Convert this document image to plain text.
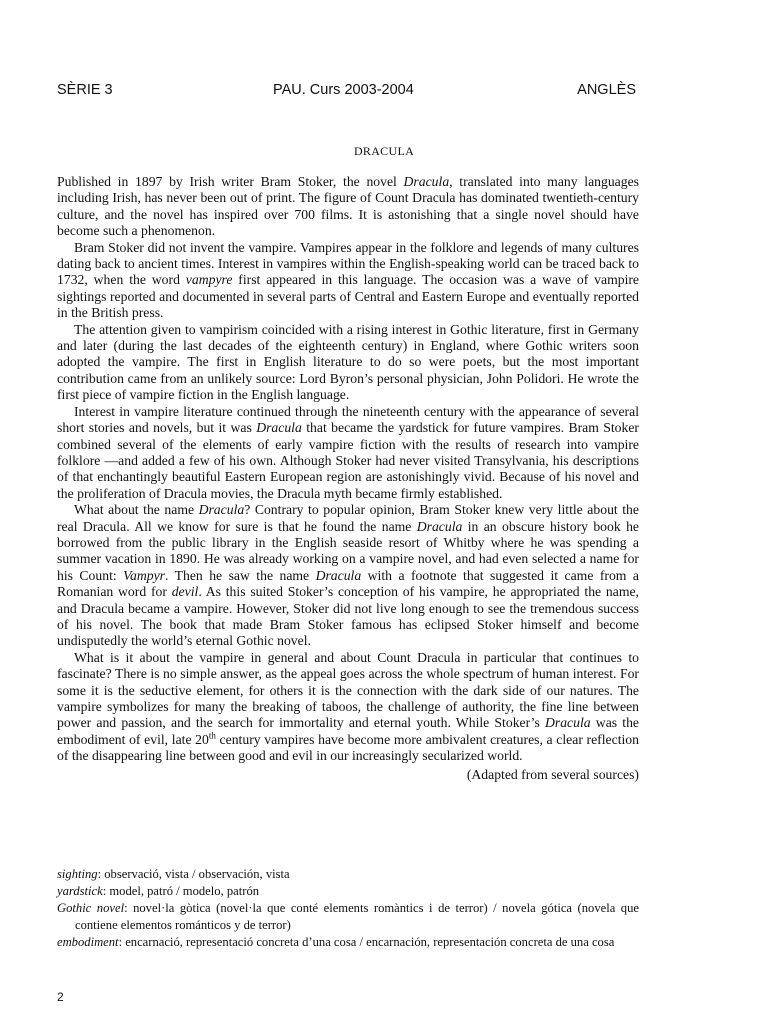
SÈRIE 3	PAU. Curs 2003-2004	ANGLÈS
DRACULA

Published in 1897 by Irish writer Bram Stoker, the novel Dracula, translated into many languages including Irish, has never been out of print. The figure of Count Dracula has dominated twentieth-century culture, and the novel has inspired over 700 films. It is astonishing that a single novel should have become such a phenomenon.

Bram Stoker did not invent the vampire. Vampires appear in the folklore and legends of many cultures dating back to ancient times. Interest in vampires within the English-speaking world can be traced back to 1732, when the word vampyre first appeared in this language. The occasion was a wave of vampire sightings reported and documented in several parts of Central and Eastern Europe and eventually reported in the British press.

The attention given to vampirism coincided with a rising interest in Gothic literature, first in Germany and later (during the last decades of the eighteenth century) in England, where Gothic writers soon adopted the vampire. The first in English literature to do so were poets, but the most important contribution came from an unlikely source: Lord Byron’s personal physician, John Polidori. He wrote the first piece of vampire fiction in the English language.

Interest in vampire literature continued through the nineteenth century with the appearance of several short stories and novels, but it was Dracula that became the yardstick for future vampires. Bram Stoker combined several of the elements of early vampire fiction with the results of research into vampire folklore —and added a few of his own. Although Stoker had never visited Transylvania, his descriptions of that enchantingly beautiful Eastern European region are astonishingly vivid. Because of his novel and the proliferation of Dracula movies, the Dracula myth became firmly established.

What about the name Dracula? Contrary to popular opinion, Bram Stoker knew very little about the real Dracula. All we know for sure is that he found the name Dracula in an obscure history book he borrowed from the public library in the English seaside resort of Whitby where he was spending a summer vacation in 1890. He was already working on a vampire novel, and had even selected a name for his Count: Vampyr. Then he saw the name Dracula with a footnote that suggested it came from a Romanian word for devil. As this suited Stoker’s conception of his vampire, he appropriated the name, and Dracula became a vampire. However, Stoker did not live long enough to see the tremendous success of his novel. The book that made Bram Stoker famous has eclipsed Stoker himself and become undisputedly the world’s eternal Gothic novel.

What is it about the vampire in general and about Count Dracula in particular that continues to fascinate? There is no simple answer, as the appeal goes across the whole spectrum of human interest. For some it is the seductive element, for others it is the connection with the dark side of our natures. The vampire symbolizes for many the breaking of taboos, the challenge of authority, the fine line between power and passion, and the search for immortality and eternal youth. While Stoker’s Dracula was the embodiment of evil, late 20th century vampires have become more ambivalent creatures, a clear reflection of the disappearing line between good and evil in our increasingly secularized world.

(Adapted from several sources)

sighting: observació, vista / observación, vista

yardstick: model, patró / modelo, patrón

Gothic novel: novel·la gòtica (novel·la que conté elements romàntics i de terror) / novela gótica (novela que contiene elementos románticos y de terror)

embodiment: encarnació, representació concreta d’una cosa / encarnación, representación concreta de una cosa

2
